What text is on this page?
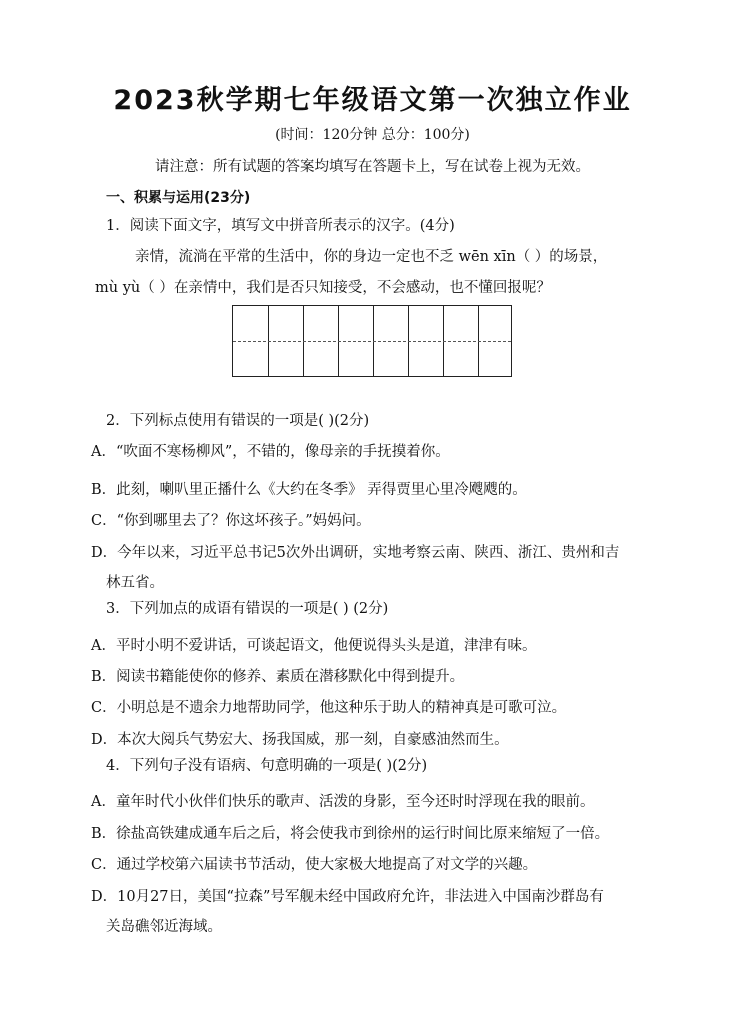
2023秋学期七年级语文第一次独立作业
(时间：120分钟 总分：100分)
请注意：所有试题的答案均填写在答题卡上，写在试卷上视为无效。
一、积累与运用(23分)
1．阅读下面文字，填写文中拼音所表示的汉字。(4分)
亲情，流淌在平常的生活中，你的身边一定也不乏 wēn xīn（ ）的场景，
mù yù（ ）在亲情中，我们是否只知接受，不会感动，也不懂回报呢？
2．下列标点使用有错误的一项是( )(2分)
A．“吹面不寒杨柳风”，不错的，像母亲的手抚摸着你。
B．此刻，喇叭里正播什么《大约在冬季》 弄得贾里心里冷飕飕的。
C．“你到哪里去了？你这坏孩子。”妈妈问。
D．今年以来，习近平总书记5次外出调研，实地考察云南、陕西、浙江、贵州和吉
林五省。
3．下列加点的成语有错误的一项是( ) (2分)
A．平时小明不爱讲话，可谈起语文，他便说得头头是道，津津有味。
B．阅读书籍能使你的修养、素质在潜移默化中得到提升。
C．小明总是不遗余力地帮助同学，他这种乐于助人的精神真是可歌可泣。
D．本次大阅兵气势宏大、扬我国威，那一刻，自豪感油然而生。
4．下列句子没有语病、句意明确的一项是( )(2分)
A．童年时代小伙伴们快乐的歌声、活泼的身影，至今还时时浮现在我的眼前。
B．徐盐高铁建成通车后之后，将会使我市到徐州的运行时间比原来缩短了一倍。
C．通过学校第六届读书节活动，使大家极大地提高了对文学的兴趣。
D．10月27日，美国“拉森”号军舰未经中国政府允许，非法进入中国南沙群岛有
关岛礁邻近海域。
